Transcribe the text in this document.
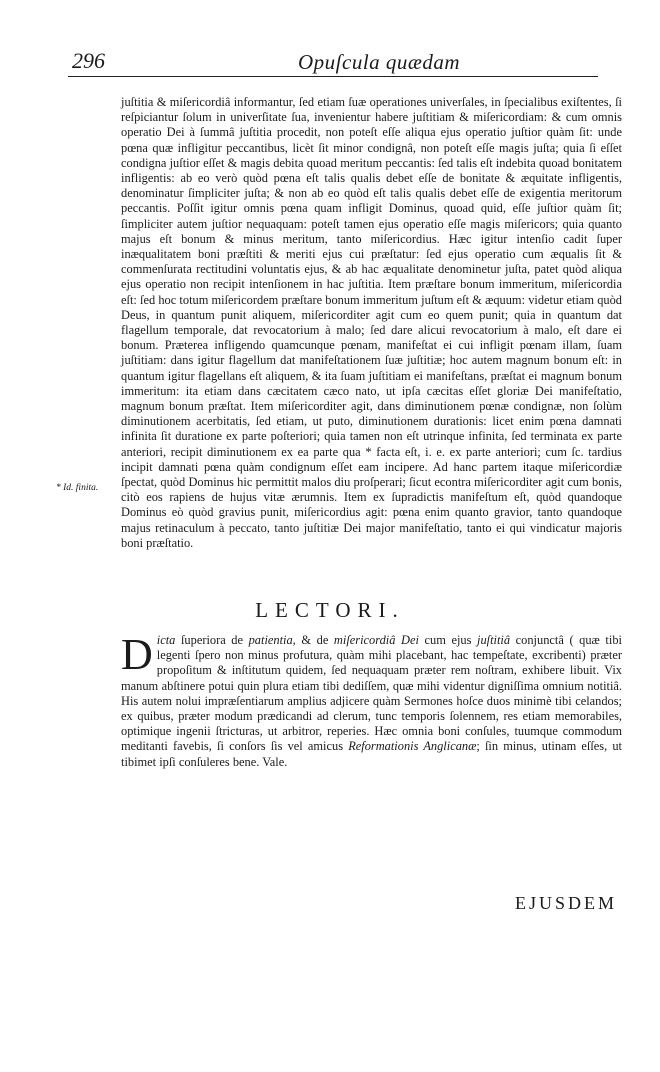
296	Opuſcula quædam

juſtitia & miſericordiâ informantur, ſed etiam ſuæ operationes univerſales, in ſpecialibus exiſtentes, ſi reſpiciantur ſolum in univerſitate ſua, invenientur habere juſtitiam & miſericordiam: & cum omnis operatio Dei à ſummâ juſtitia procedit, non poteſt eſſe aliqua ejus operatio juſtior quàm ſit: unde pœna quæ infligitur peccantibus, licèt ſit minor condignâ, non poteſt eſſe magis juſta; quia ſi eſſet condigna juſtior eſſet & magis debita quoad meritum peccantis: ſed talis eſt indebita quoad bonitatem infligentis: ab eo verò quòd pœna eſt talis qualis debet eſſe de bonitate & æquitate infligentis, denominatur ſimpliciter juſta; & non ab eo quòd eſt talis qualis debet eſſe de exigentia meritorum peccantis. Poſſit igitur omnis pœna quam infligit Dominus, quoad quid, eſſe juſtior quàm ſit; ſimpliciter autem juſtior nequaquam: poteſt tamen ejus operatio eſſe magis miſericors; quia quanto majus eſt bonum & minus meritum, tanto miſericordius. Hæc igitur intenſio cadit ſuper inæqualitatem boni præſtiti & meriti ejus cui præſtatur: ſed ejus operatio cum æqualis ſit & commenſurata rectitudini voluntatis ejus, & ab hac æqualitate denominetur juſta, patet quòd aliqua ejus operatio non recipit intenſionem in hac juſtitia. Item præſtare bonum immeritum, miſericordia eſt: ſed hoc totum miſericordem præſtare bonum immeritum juſtum eſt & æquum: videtur etiam quòd Deus, in quantum punit aliquem, miſericorditer agit cum eo quem punit; quia in quantum dat flagellum temporale, dat revocatorium à malo; ſed dare alicui revocatorium à malo, eſt dare ei bonum. Præterea infligendo quamcunque pœnam, manifeſtat ei cui infligit pœnam illam, ſuam juſtitiam: dans igitur flagellum dat manifeſtationem ſuæ juſtitiæ; hoc autem magnum bonum eſt: in quantum igitur flagellans eſt aliquem, & ita ſuam juſtitiam ei manifeſtans, præſtat ei magnum bonum immeritum: ita etiam dans cæcitatem cæco nato, ut ipſa cæcitas eſſet gloriæ Dei manifeſtatio, magnum bonum præſtat. Item miſericorditer agit, dans diminutionem pœnæ condignæ, non ſolùm diminutionem acerbitatis, ſed etiam, ut puto, diminutionem durationis: licet enim pœna damnati infinita ſit duratione ex parte poſteriori; quia tamen non eſt utrinque infinita, ſed terminata ex parte anteriori, recipit diminutionem ex ea parte qua * facta eſt, i. e. ex parte anteriori; cum ſc. tardius incipit damnati pœna quàm condignum eſſet eam incipere. Ad hanc partem itaque miſericordiæ ſpectat, quòd Dominus hic permittit malos diu proſperari; ſicut econtra miſericorditer agit cum bonis, citò eos rapiens de hujus vitæ ærumnis. Item ex ſupradictis manifeſtum eſt, quòd quandoque Dominus eò quòd gravius punit, miſericordius agit: pœna enim quanto gravior, tanto quandoque majus retinaculum à peccato, tanto juſtitiæ Dei major manifeſtatio, tanto ei qui vindicatur majoris boni præſtatio.

* Id. finita.
LECTORI.

Dicta ſuperiora de patientia, & de miſericordiâ Dei cum ejus juſtitiâ conjunctâ ( quæ tibi legenti ſpero non minus profutura, quàm mihi placebant, hac tempeſtate, excribenti) præter propoſitum & inſtitutum quidem, ſed nequaquam præter rem noſtram, exhibere libuit. Vix manum abſtinere potui quin plura etiam tibi dediſſem, quæ mihi videntur digniſſima omnium notitiâ. His autem nolui impræſentiarum amplius adjicere quàm Sermones hoſce duos minimè tibi celandos; ex quibus, præter modum prædicandi ad clerum, tunc temporis ſolennem, res etiam memorabiles, optimique ingenii ſtricturas, ut arbitror, reperies. Hæc omnia boni conſules, tuumque commodum meditanti favebis, ſi conſors ſis vel amicus Reformationis Anglicanæ; ſin minus, utinam eſſes, ut tibimet ipſi conſuleres bene. Vale.

EJUSDEM
